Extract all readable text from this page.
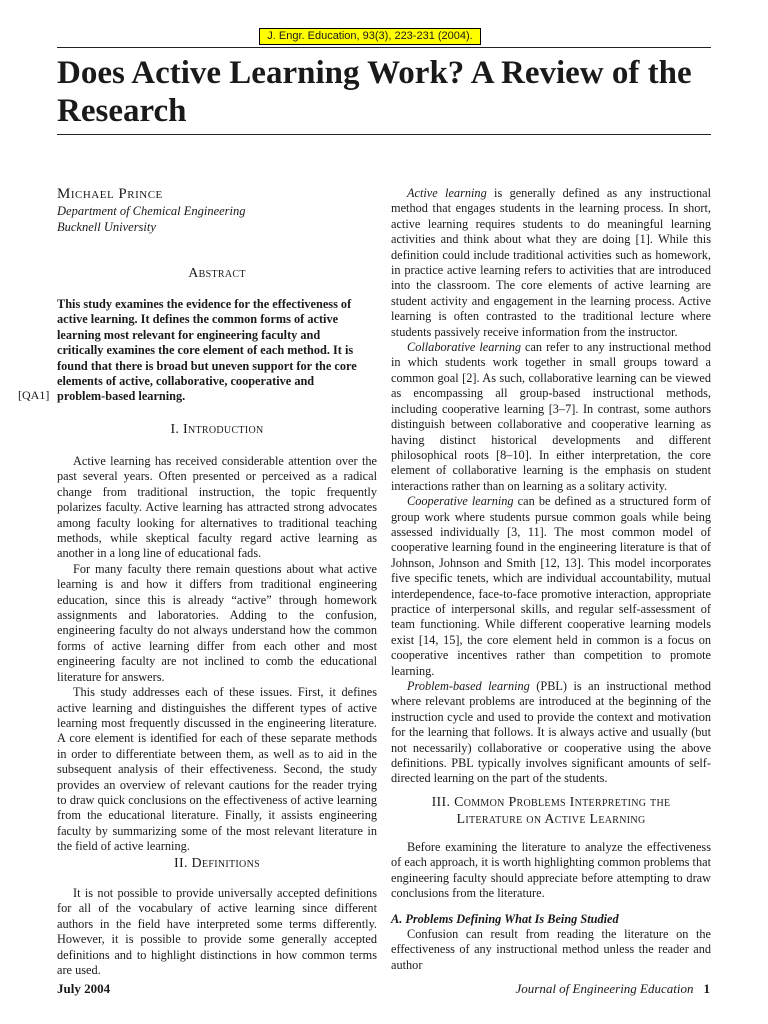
J. Engr. Education, 93(3), 223-231 (2004).
Does Active Learning Work? A Review of the Research
Michael Prince
Department of Chemical Engineering
Bucknell University
Abstract
This study examines the evidence for the effectiveness of active learning. It defines the common forms of active learning most relevant for engineering faculty and critically examines the core element of each method. It is found that there is broad but uneven support for the core elements of active, collaborative, cooperative and problem-based learning.
[QA1]
I. Introduction

Active learning has received considerable attention over the past several years. Often presented or perceived as a radical change from traditional instruction, the topic frequently polarizes faculty. Active learning has attracted strong advocates among faculty looking for alternatives to traditional teaching methods, while skeptical faculty regard active learning as another in a long line of educational fads.

For many faculty there remain questions about what active learning is and how it differs from traditional engineering education, since this is already “active” through homework assignments and laboratories. Adding to the confusion, engineering faculty do not always understand how the common forms of active learning differ from each other and most engineering faculty are not inclined to comb the educational literature for answers.

This study addresses each of these issues. First, it defines active learning and distinguishes the different types of active learning most frequently discussed in the engineering literature. A core element is identified for each of these separate methods in order to differentiate between them, as well as to aid in the subsequent analysis of their effectiveness. Second, the study provides an overview of relevant cautions for the reader trying to draw quick conclusions on the effectiveness of active learning from the educational literature. Finally, it assists engineering faculty by summarizing some of the most relevant literature in the field of active learning.

II. Definitions

It is not possible to provide universally accepted definitions for all of the vocabulary of active learning since different authors in the field have interpreted some terms differently. However, it is possible to provide some generally accepted definitions and to highlight distinctions in how common terms are used.

Active learning is generally defined as any instructional method that engages students in the learning process. In short, active learning requires students to do meaningful learning activities and think about what they are doing [1]. While this definition could include traditional activities such as homework, in practice active learning refers to activities that are introduced into the classroom. The core elements of active learning are student activity and engagement in the learning process. Active learning is often contrasted to the traditional lecture where students passively receive information from the instructor.

Collaborative learning can refer to any instructional method in which students work together in small groups toward a common goal [2]. As such, collaborative learning can be viewed as encompassing all group-based instructional methods, including cooperative learning [3–7]. In contrast, some authors distinguish between collaborative and cooperative learning as having distinct historical developments and different philosophical roots [8–10]. In either interpretation, the core element of collaborative learning is the emphasis on student interactions rather than on learning as a solitary activity.

Cooperative learning can be defined as a structured form of group work where students pursue common goals while being assessed individually [3, 11]. The most common model of cooperative learning found in the engineering literature is that of Johnson, Johnson and Smith [12, 13]. This model incorporates five specific tenets, which are individual accountability, mutual interdependence, face-to-face promotive interaction, appropriate practice of interpersonal skills, and regular self-assessment of team functioning. While different cooperative learning models exist [14, 15], the core element held in common is a focus on cooperative incentives rather than competition to promote learning.

Problem-based learning (PBL) is an instructional method where relevant problems are introduced at the beginning of the instruction cycle and used to provide the context and motivation for the learning that follows. It is always active and usually (but not necessarily) collaborative or cooperative using the above definitions. PBL typically involves significant amounts of self-directed learning on the part of the students.

III. Common Problems Interpreting the
Literature on Active Learning

Before examining the literature to analyze the effectiveness of each approach, it is worth highlighting common problems that engineering faculty should appreciate before attempting to draw conclusions from the literature.

A. Problems Defining What Is Being Studied

Confusion can result from reading the literature on the effectiveness of any instructional method unless the reader and author

July 2004	Journal of Engineering Education 1
